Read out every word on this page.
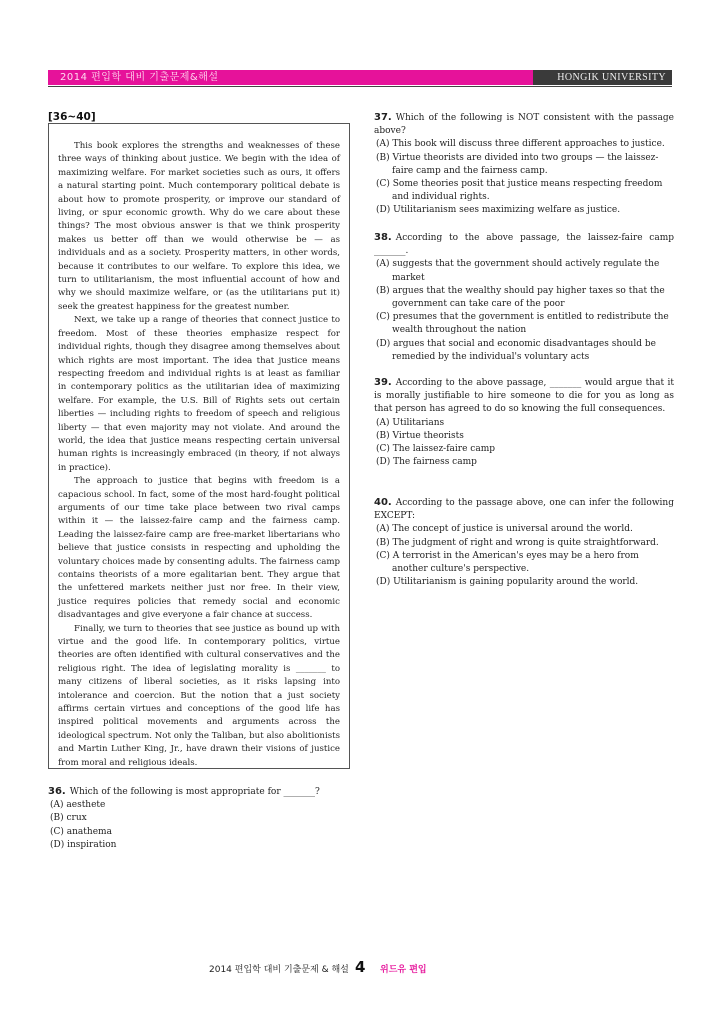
2014 편입학 대비 기출문제&해설	HONGIK UNIVERSITY
[36~40]

This book explores the strengths and weaknesses of these three ways of thinking about justice. We begin with the idea of maximizing welfare. For market societies such as ours, it offers a natural starting point. Much contemporary political debate is about how to promote prosperity, or improve our standard of living, or spur economic growth. Why do we care about these things? The most obvious answer is that we think prosperity makes us better off than we would otherwise be — as individuals and as a society. Prosperity matters, in other words, because it contributes to our welfare. To explore this idea, we turn to utilitarianism, the most influential account of how and why we should maximize welfare, or (as the utilitarians put it) seek the greatest happiness for the greatest number.

Next, we take up a range of theories that connect justice to freedom. Most of these theories emphasize respect for individual rights, though they disagree among themselves about which rights are most important. The idea that justice means respecting freedom and individual rights is at least as familiar in contemporary politics as the utilitarian idea of maximizing welfare. For example, the U.S. Bill of Rights sets out certain liberties — including rights to freedom of speech and religious liberty — that even majority may not violate. And around the world, the idea that justice means respecting certain universal human rights is increasingly embraced (in theory, if not always in practice).

The approach to justice that begins with freedom is a capacious school. In fact, some of the most hard-fought political arguments of our time take place between two rival camps within it — the laissez-faire camp and the fairness camp. Leading the laissez-faire camp are free-market libertarians who believe that justice consists in respecting and upholding the voluntary choices made by consenting adults. The fairness camp contains theorists of a more egalitarian bent. They argue that the unfettered markets neither just nor free. In their view, justice requires policies that remedy social and economic disadvantages and give everyone a fair chance at success.

Finally, we turn to theories that see justice as bound up with virtue and the good life. In contemporary politics, virtue theories are often identified with cultural conservatives and the religious right. The idea of legislating morality is _______ to many citizens of liberal societies, as it risks lapsing into intolerance and coercion. But the notion that a just society affirms certain virtues and conceptions of the good life has inspired political movements and arguments across the ideological spectrum. Not only the Taliban, but also abolitionists and Martin Luther King, Jr., have drawn their visions of justice from moral and religious ideals.

36. Which of the following is most appropriate for _______?
(A) aesthete
(B) crux
(C) anathema
(D) inspiration
37. Which of the following is NOT consistent with the passage above?
(A) This book will discuss three different approaches to justice.
(B) Virtue theorists are divided into two groups — the laissez-faire camp and the fairness camp.
(C) Some theories posit that justice means respecting freedom and individual rights.
(D) Utilitarianism sees maximizing welfare as justice.
38. According to the above passage, the laissez-faire camp _______.
(A) suggests that the government should actively regulate the market
(B) argues that the wealthy should pay higher taxes so that the government can take care of the poor
(C) presumes that the government is entitled to redistribute the wealth throughout the nation
(D) argues that social and economic disadvantages should be remedied by the individual's voluntary acts
39. According to the above passage, _______ would argue that it is morally justifiable to hire someone to die for you as long as that person has agreed to do so knowing the full consequences.
(A) Utilitarians
(B) Virtue theorists
(C) The laissez-faire camp
(D) The fairness camp
40. According to the passage above, one can infer the following EXCEPT:
(A) The concept of justice is universal around the world.
(B) The judgment of right and wrong is quite straightforward.
(C) A terrorist in the American's eyes may be a hero from another culture's perspective.
(D) Utilitarianism is gaining popularity around the world.
2014 편입학 대비 기출문제 & 해설 4 위드유 편입
